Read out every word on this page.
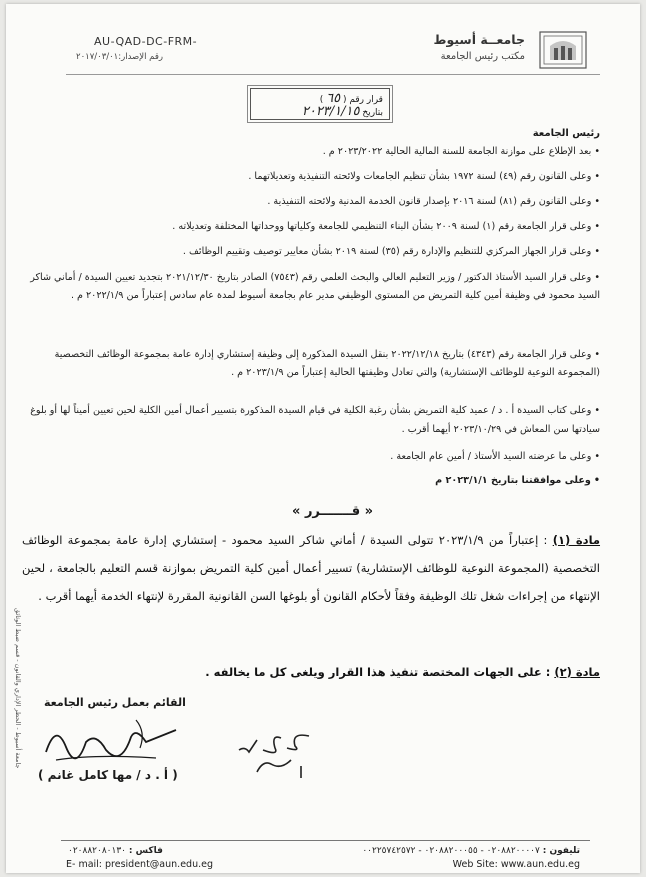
AU-QAD-DC-FRM-
رقم الإصدار:٢٠١٧/٠٣/٠١
جامعــة أسيوط
مكتب رئيس الجامعة
قرار رقم ( ٦٥ )
بتاريخ ٢٠٢٣/١/١٥
رئيس الجامعة
•بعد الإطلاع على موازنة الجامعة للسنة المالية الحالية ٢٠٢٣/٢٠٢٢ م .
•وعلى القانون رقم (٤٩) لسنة ١٩٧٢ بشأن تنظيم الجامعات ولائحته التنفيذية وتعديلاتهما .
•وعلى القانون رقم (٨١) لسنة ٢٠١٦ بإصدار قانون الخدمة المدنية ولائحته التنفيذية .
•وعلى قرار الجامعة رقم (١) لسنة ٢٠٠٩ بشأن البناء التنظيمي للجامعة وكلياتها ووحداتها المختلفة وتعديلاته .
•وعلى قرار الجهاز المركزي للتنظيم والإدارة رقم (٣٥) لسنة ٢٠١٩ بشأن معايير توصيف وتقييم الوظائف .
•وعلى قرار السيد الأستاذ الدكتور / وزير التعليم العالي والبحث العلمي رقم (٧٥٤٣) الصادر بتاريخ ٢٠٢١/١٢/٣٠ بتجديد تعيين السيدة / أماني شاكر السيد محمود في وظيفة أمين كلية التمريض من المستوى الوظيفي مدير عام بجامعة أسيوط لمدة عام سادس إعتباراً من ٢٠٢٢/١/٩ م .
•وعلى قرار الجامعة رقم (٤٣٤٣) بتاريخ ٢٠٢٢/١٢/١٨ بنقل السيدة المذكورة إلى وظيفة إستشاري إدارة عامة بمجموعة الوظائف التخصصية (المجموعة النوعية للوظائف الإستشارية) والتي تعادل وظيفتها الحالية إعتباراً من ٢٠٢٣/١/٩ م .
•وعلى كتاب السيدة أ . د / عميد كلية التمريض بشأن رغبة الكلية في قيام السيدة المذكورة بتسيير أعمال أمين الكلية لحين تعيين أميناً لها أو بلوغ سيادتها سن المعاش في ٢٠٢٣/١٠/٢٩ أيهما أقرب .
•وعلى ما عرضته السيد الأستاذ / أمين عام الجامعة .
•وعلى موافقتنا بتاريخ ٢٠٢٣/١/١ م
« قـــــــرر »
مادة (١) : إعتباراً من ٢٠٢٣/١/٩ تتولى السيدة / أماني شاكر السيد محمود - إستشاري إدارة عامة بمجموعة الوظائف التخصصية (المجموعة النوعية للوظائف الإستشارية) تسيير أعمال أمين كلية التمريض بموازنة قسم التعليم بالجامعة ، لحين الإنتهاء من إجراءات شغل تلك الوظيفة وفقاً لأحكام القانون أو بلوغها السن القانونية المقررة لإنتهاء الخدمة أيهما أقرب .
مادة (٢) : على الجهات المختصة تنفيذ هذا القرار ويلغى كل ما يخالفه .
جامعة أسيوط - الحظر الإداري والقانون - قسم ضبط الوثائق القائم بعمل رئيس الجامعة
( أ . د / مها كامل غانم )
تليفون : ٠٢٠٨٨٢٠٠٠٠٧ - ٠٢٠٨٨٢٠٠٠٥٥ - ٠٠٢٢٥٧٤٢٥٧٢
فاكس : ٠٢٠٨٨٢٠٨٠١٣٠
E- mail: president@aun.edu.eg	Web Site: www.aun.edu.eg
